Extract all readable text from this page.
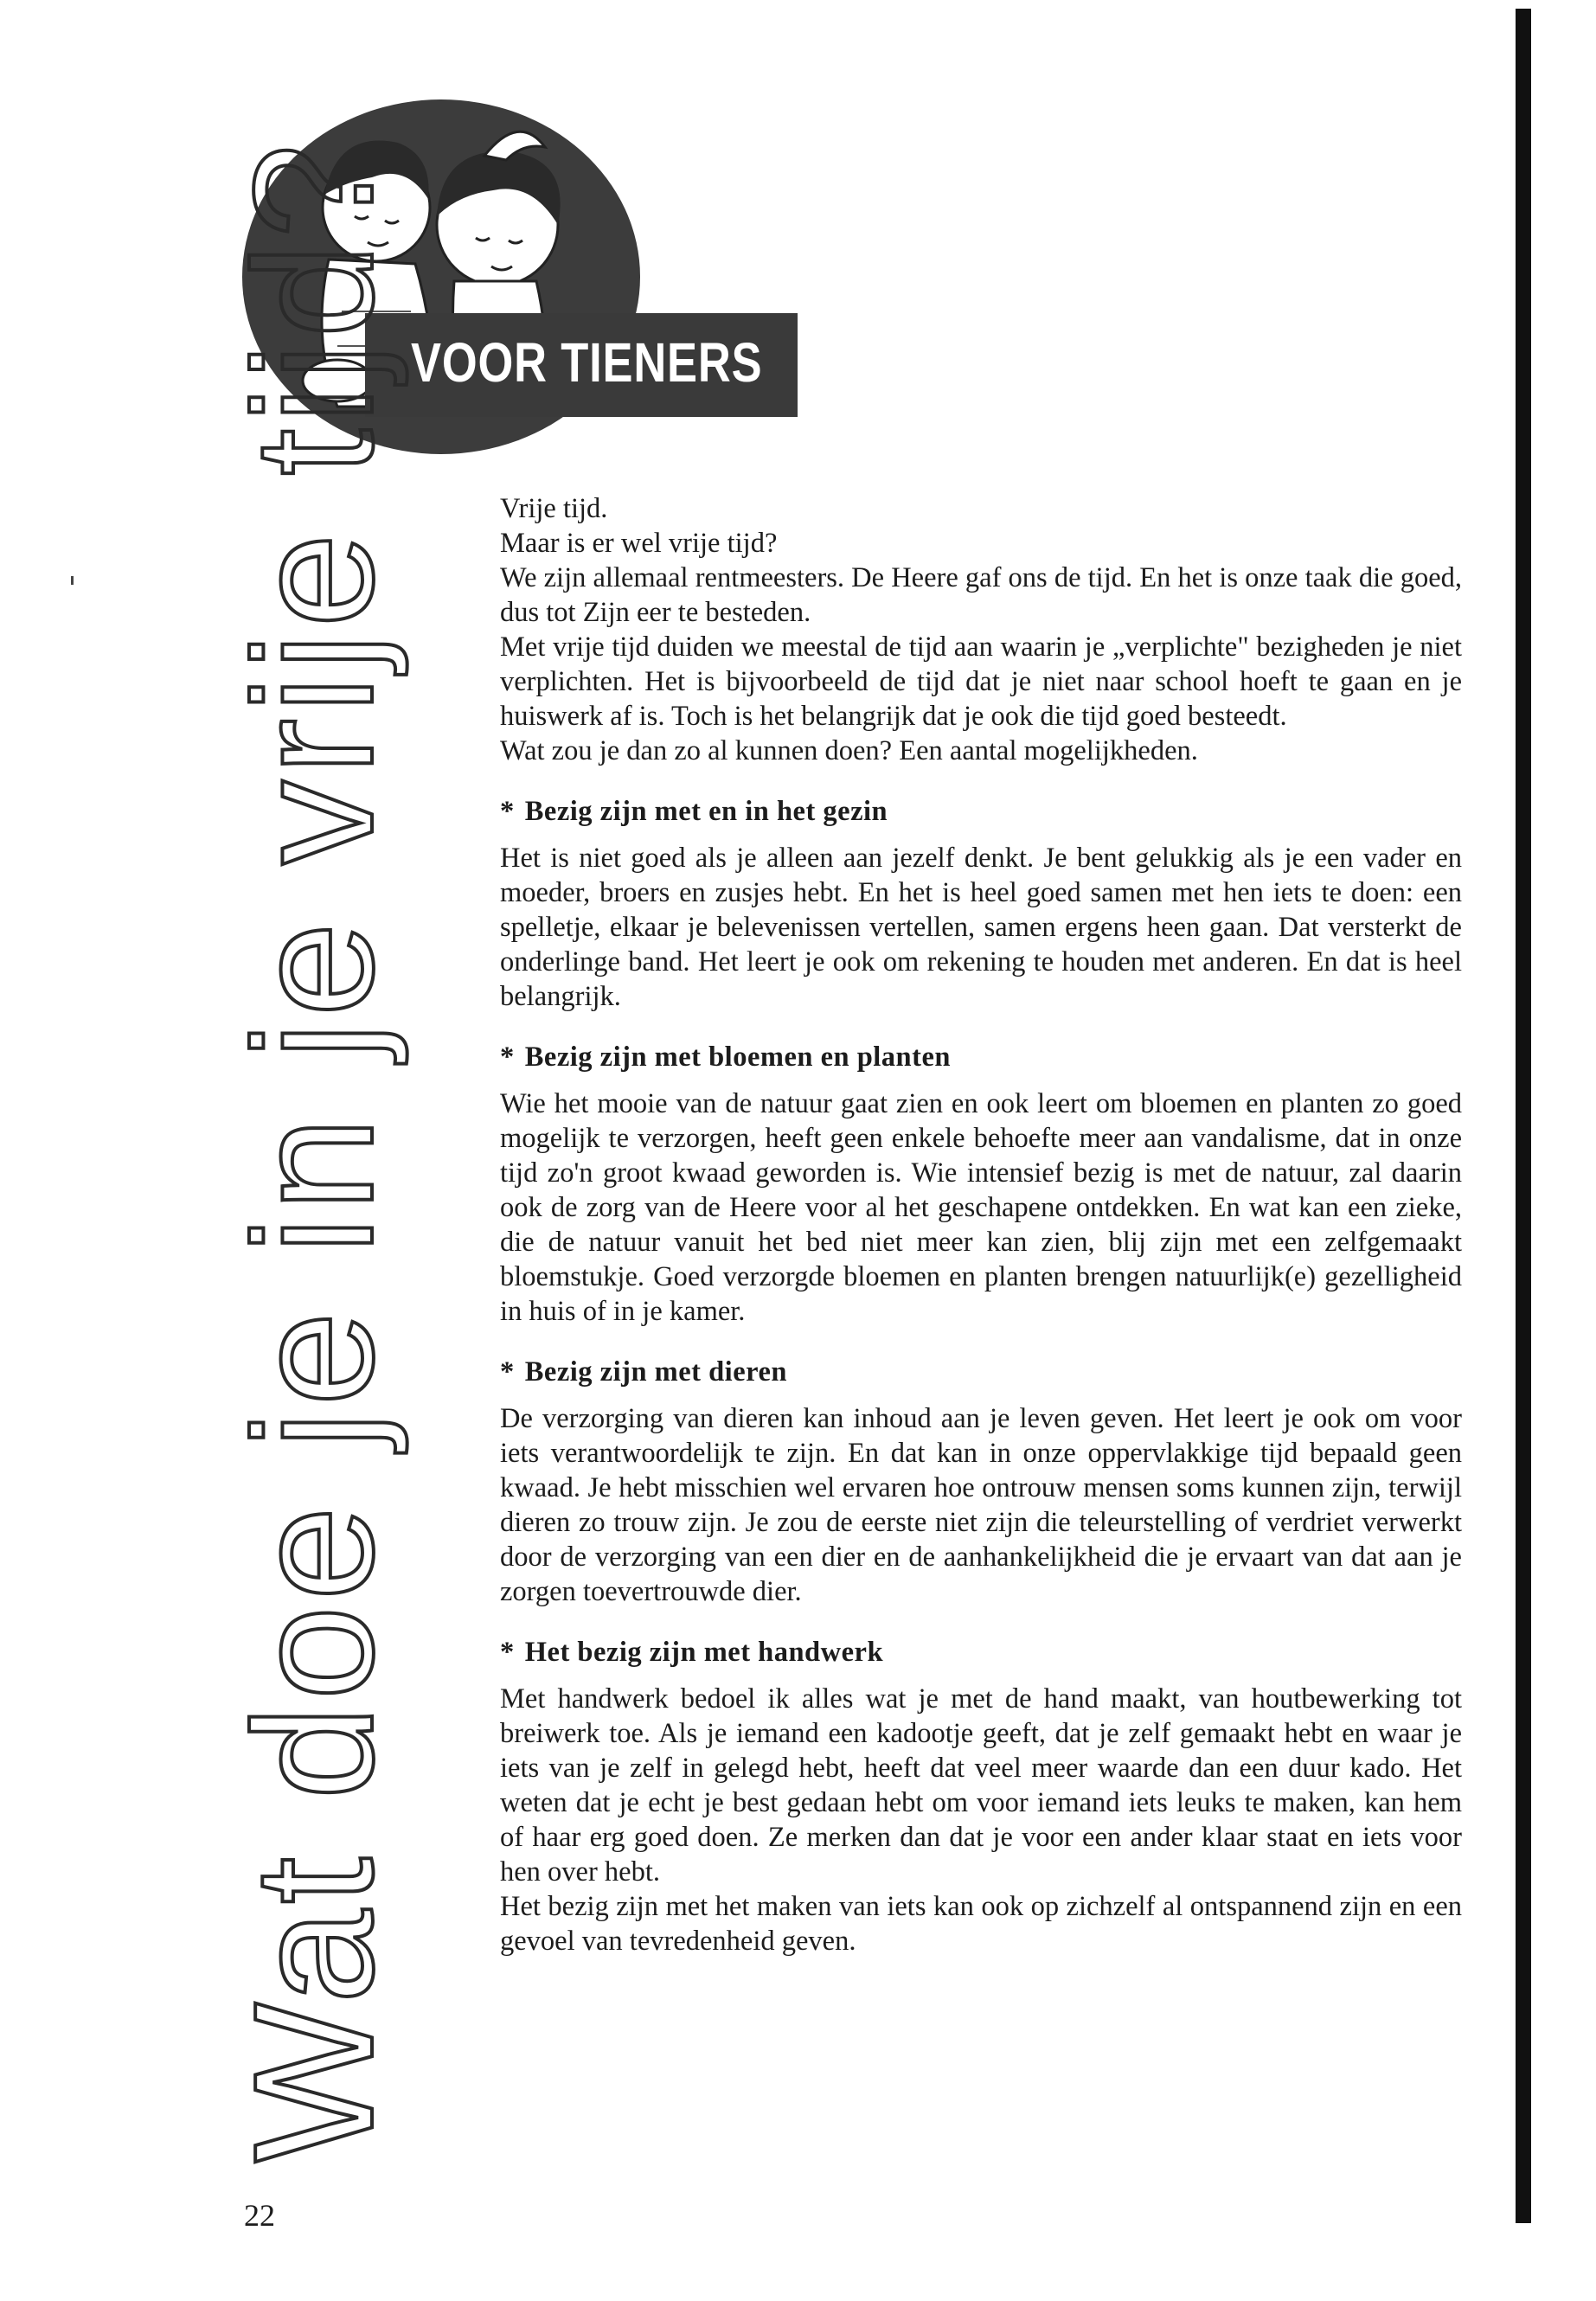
VOOR TIENERS
Wat doe je in je vrije tijd?	Vrije tijd.

Maar is er wel vrije tijd?

We zijn allemaal rentmeesters. De Heere gaf ons de tijd. En het is onze taak die goed, dus tot Zijn eer te besteden.

Met vrije tijd duiden we meestal de tijd aan waarin je „verplichte" bezigheden je niet verplichten. Het is bijvoorbeeld de tijd dat je niet naar school hoeft te gaan en je huiswerk af is. Toch is het belangrijk dat je ook die tijd goed besteedt.

Wat zou je dan zo al kunnen doen? Een aantal mogelijkheden.

* Bezig zijn met en in het gezin

Het is niet goed als je alleen aan jezelf denkt. Je bent gelukkig als je een vader en moeder, broers en zusjes hebt. En het is heel goed samen met hen iets te doen: een spelletje, elkaar je belevenissen vertellen, samen ergens heen gaan. Dat versterkt de onderlinge band. Het leert je ook om rekening te houden met anderen. En dat is heel belangrijk.

* Bezig zijn met bloemen en planten

Wie het mooie van de natuur gaat zien en ook leert om bloemen en planten zo goed mogelijk te verzorgen, heeft geen enkele behoefte meer aan vandalisme, dat in onze tijd zo'n groot kwaad geworden is. Wie intensief bezig is met de natuur, zal daarin ook de zorg van de Heere voor al het geschapene ontdekken. En wat kan een zieke, die de natuur vanuit het bed niet meer kan zien, blij zijn met een zelfgemaakt bloemstukje. Goed verzorgde bloemen en planten brengen natuurlijk(e) gezelligheid in huis of in je kamer.

* Bezig zijn met dieren

De verzorging van dieren kan inhoud aan je leven geven. Het leert je ook om voor iets verantwoordelijk te zijn. En dat kan in onze oppervlakkige tijd bepaald geen kwaad. Je hebt misschien wel ervaren hoe ontrouw mensen soms kunnen zijn, terwijl dieren zo trouw zijn. Je zou de eerste niet zijn die teleurstelling of verdriet verwerkt door de verzorging van een dier en de aanhankelijkheid die je ervaart van dat aan je zorgen toevertrouwde dier.

* Het bezig zijn met handwerk

Met handwerk bedoel ik alles wat je met de hand maakt, van houtbewerking tot breiwerk toe. Als je iemand een kadootje geeft, dat je zelf gemaakt hebt en waar je iets van je zelf in gelegd hebt, heeft dat veel meer waarde dan een duur kado. Het weten dat je echt je best gedaan hebt om voor iemand iets leuks te maken, kan hem of haar erg goed doen. Ze merken dan dat je voor een ander klaar staat en iets voor hen over hebt.

Het bezig zijn met het maken van iets kan ook op zichzelf al ontspannend zijn en een gevoel van tevredenheid geven.

22
